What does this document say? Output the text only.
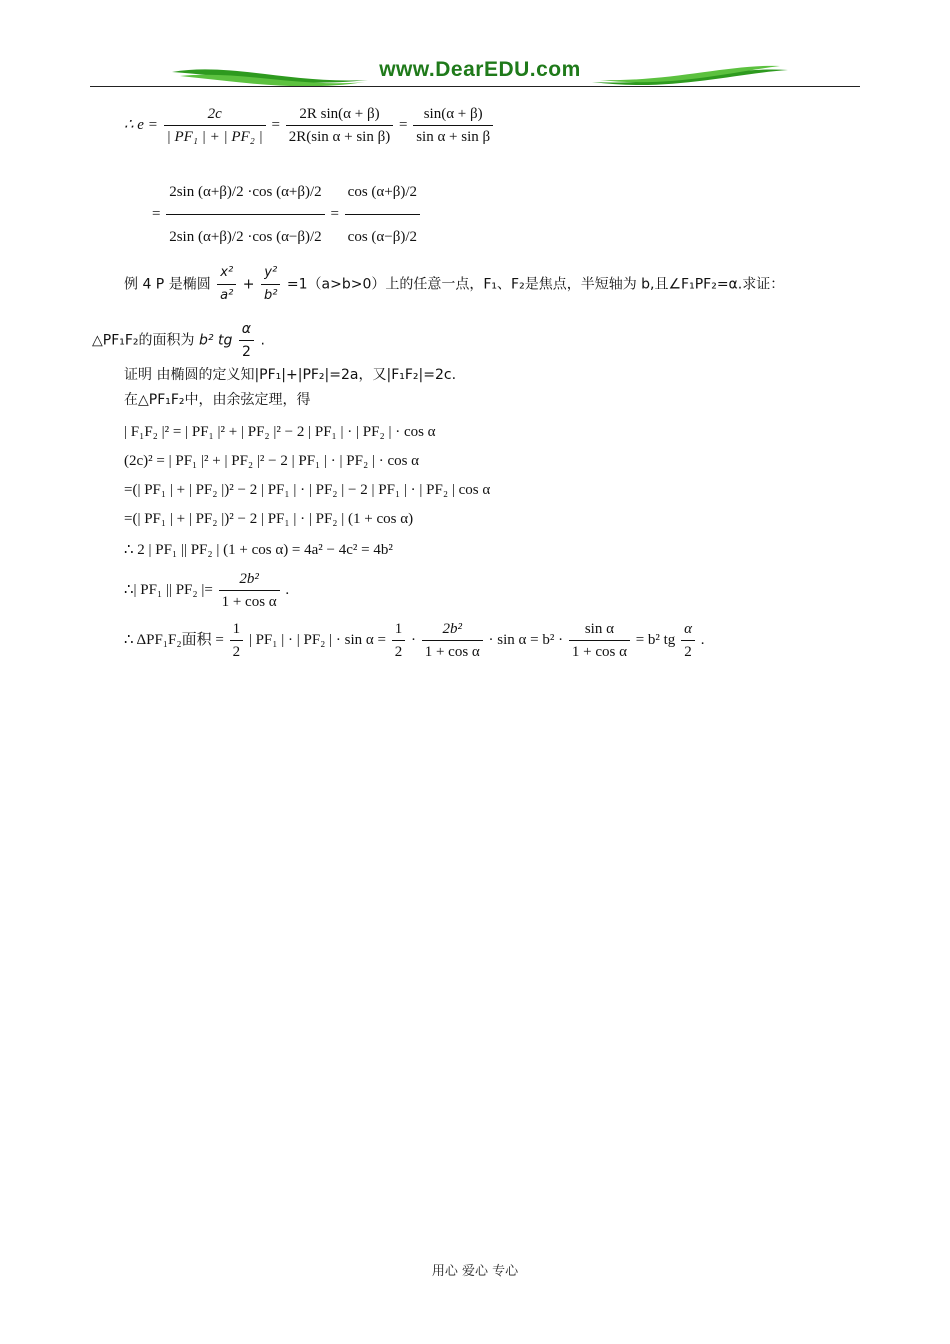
www.DearEDU.com
∴ $e = \frac{2c}{\text{| PF₁ | + | PF₂ |}} = \frac{\text{2R sin(α + β)}}{\text{2R(sin α + sin β)}} = \frac{\sin(\alpha + \beta)}{\text{sin α + sin β}}$
= $\frac{2\sin (\alpha+\beta)/2 \cdot\cos (\alpha+\beta)/2}{2\sin (\alpha+\beta)/2 \cdot\cos (\alpha-\beta)/2} = \frac{\cos (\alpha+\beta)/2}{\cos (\alpha-\beta)/2}$
例 4 P 是椭圆 $\frac{\text{x²}}{\text{a²}} + \frac{\text{y²}}{\text{b²}} =1(a>b>0)$上的任意一点，F₁、F₂是焦点，半短轴为 b,且∠F₁PF₂=α.求证：
△PF₁F₂的面积为 b² tg $\frac{\alpha}{2}$ .
证明 由椭圆的定义知|PF₁|+|PF₂|=2a，又|F₁F₂|=2c.
在△PF₁F₂中，由余弦定理，得
| F₁F₂ |² = | PF₁ |² + | PF₂ |² − 2 | PF₁ | · | PF₂ | · cos α
(2c)² = | PF₁ |² + | PF₂ |² − 2 | PF₁ | · | PF₂ | · cos α
=(| PF₁ | + | PF₂ |)² − 2 | PF₁ | · | PF₂ | − 2 | PF₁ | · | PF₂ | cos α
=(| PF₁ | + | PF₂ |)² − 2 | PF₁ | · | PF₂ | (1 + cos α)
∴ 2 | PF₁ || PF₂ | (1 + cos α) = 4a² − 4c² = 4b²
∴| PF₁ || PF₂ |= $\frac{\text{2b²}}{\text{1 + cos α}}$ .
∴ ΔPF₁F₂面积 = $\frac{1}{2}$ | PF₁ | · | PF₂ | · $\sin \alpha = \frac{1}{2} \cdot \frac{\text{2b²}}{\text{1 + cos α}} \cdot \sin \alpha = b^2 \cdot \frac{\text{sin α}}{\text{1 + cos α}} = b^2$ tg $\frac{\alpha}{2}$ .
用心 爱心 专心
